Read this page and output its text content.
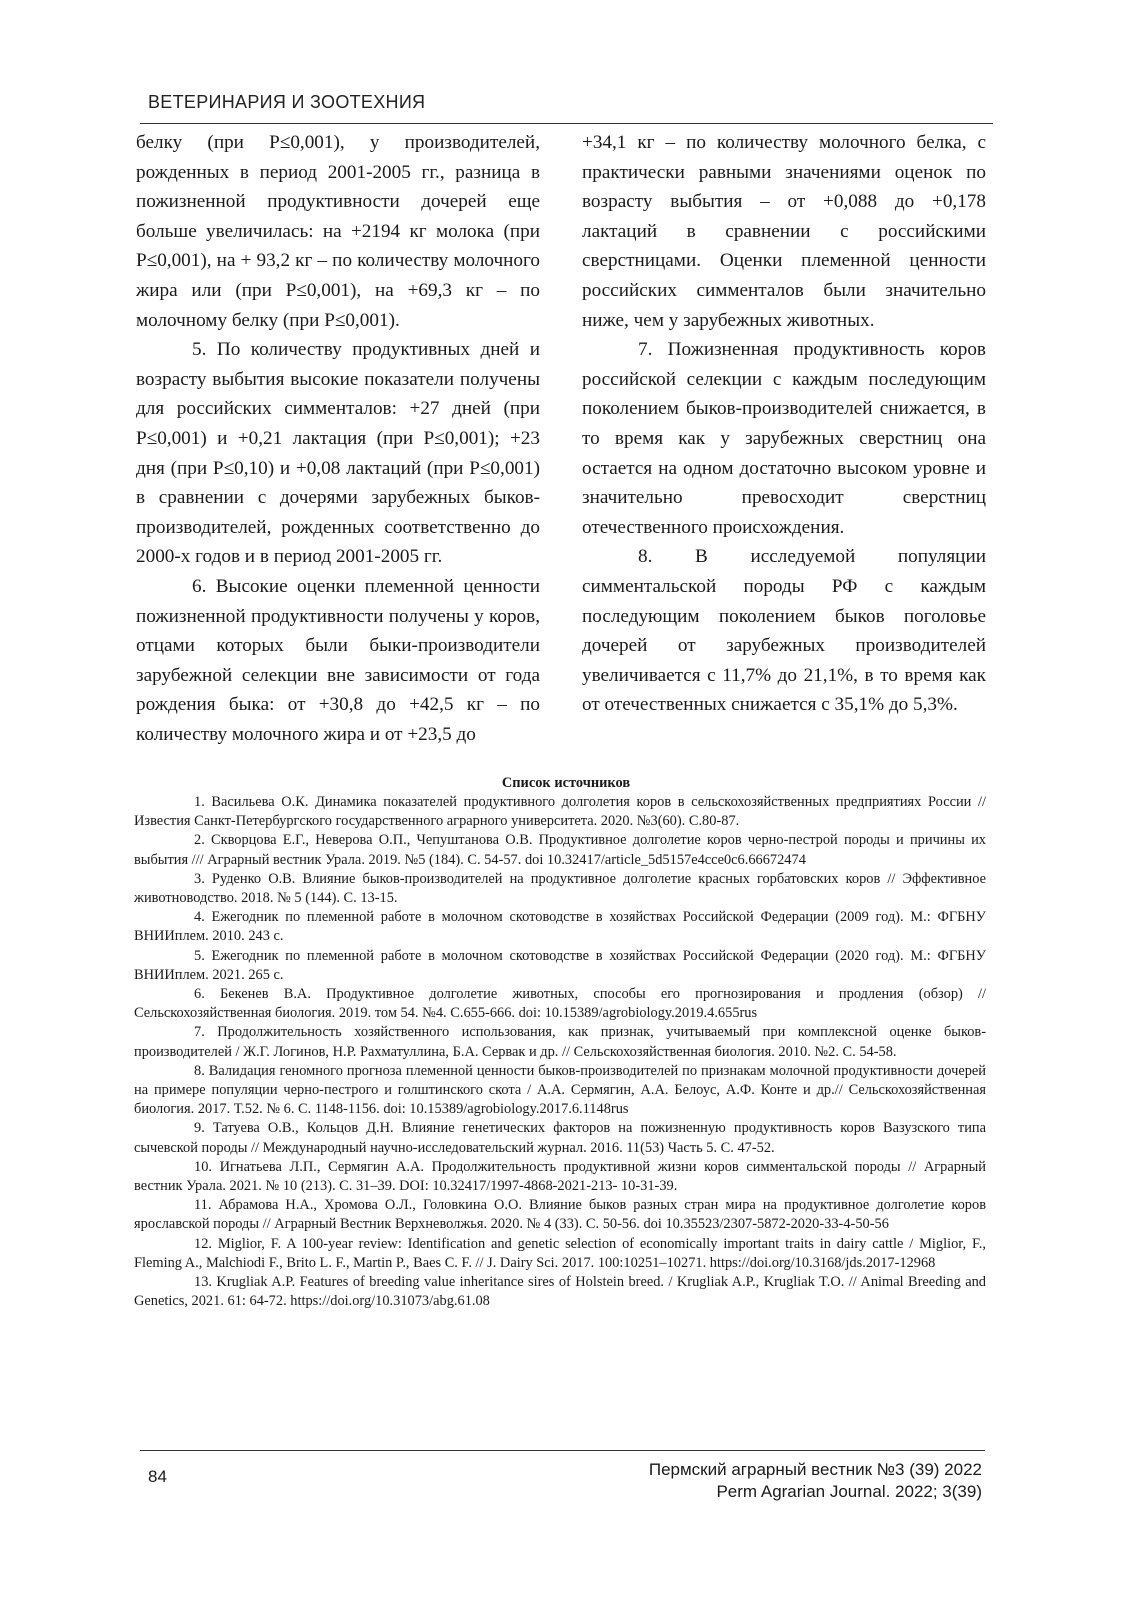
ВЕТЕРИНАРИЯ И ЗООТЕХНИЯ

белку (при Р≤0,001), у производителей, рожденных в период 2001-2005 гг., разница в пожизненной продуктивности дочерей еще больше увеличилась: на +2194 кг молока (при Р≤0,001), на + 93,2 кг – по количеству молочного жира или (при Р≤0,001), на +69,3 кг – по молочному белку (при Р≤0,001).

5. По количеству продуктивных дней и возрасту выбытия высокие показатели получены для российских симменталов: +27 дней (при Р≤0,001) и +0,21 лактация (при Р≤0,001); +23 дня (при Р≤0,10) и +0,08 лактаций (при Р≤0,001) в сравнении с дочерями зарубежных быков-производителей, рожденных соответственно до 2000-х годов и в период 2001-2005 гг.

6. Высокие оценки племенной ценности пожизненной продуктивности получены у коров, отцами которых были быки-производители зарубежной селекции вне зависимости от года рождения быка: от +30,8 до +42,5 кг – по количеству молочного жира и от +23,5 до

+34,1 кг – по количеству молочного белка, с практически равными значениями оценок по возрасту выбытия – от +0,088 до +0,178 лактаций в сравнении с российскими сверстницами. Оценки племенной ценности российских симменталов были значительно ниже, чем у зарубежных животных.

7. Пожизненная продуктивность коров российской селекции с каждым последующим поколением быков-производителей снижается, в то время как у зарубежных сверстниц она остается на одном достаточно высоком уровне и значительно превосходит сверстниц отечественного происхождения.

8. В исследуемой популяции симментальской породы РФ с каждым последующим поколением быков поголовье дочерей от зарубежных производителей увеличивается с 11,7% до 21,1%, в то время как от отечественных снижается с 35,1% до 5,3%.

Список источников

1. Васильева О.К. Динамика показателей продуктивного долголетия коров в сельскохозяйственных предприятиях России // Известия Санкт-Петербургского государственного аграрного университета. 2020. №3(60). С.80-87.

2. Скворцова Е.Г., Неверова О.П., Чепуштанова О.В. Продуктивное долголетие коров черно-пестрой породы и причины их выбытия /// Аграрный вестник Урала. 2019. №5 (184). С. 54-57. doi 10.32417/article_5d5157e4cce0c6.66672474

3. Руденко О.В. Влияние быков-производителей на продуктивное долголетие красных горбатовских коров // Эффективное животноводство. 2018. № 5 (144). С. 13-15.

4. Ежегодник по племенной работе в молочном скотоводстве в хозяйствах Российской Федерации (2009 год). М.: ФГБНУ ВНИИплем. 2010. 243 с.

5. Ежегодник по племенной работе в молочном скотоводстве в хозяйствах Российской Федерации (2020 год). М.: ФГБНУ ВНИИплем. 2021. 265 с.

6. Бекенев В.А. Продуктивное долголетие животных, способы его прогнозирования и продления (обзор) // Сельскохозяйственная биология. 2019. том 54. №4. С.655-666. doi: 10.15389/agrobiology.2019.4.655rus

7. Продолжительность хозяйственного использования, как признак, учитываемый при комплексной оценке быков-производителей / Ж.Г. Логинов, Н.Р. Рахматуллина, Б.А. Сервак и др. // Сельскохозяйственная биология. 2010. №2. С. 54-58.

8. Валидация геномного прогноза племенной ценности быков-производителей по признакам молочной продуктивности дочерей на примере популяции черно-пестрого и голштинского скота / А.А. Сермягин, А.А. Белоус, А.Ф. Конте и др.// Сельскохозяйственная биология. 2017. Т.52. № 6. С. 1148-1156. doi: 10.15389/agrobiology.2017.6.1148rus

9. Татуева О.В., Кольцов Д.Н. Влияние генетических факторов на пожизненную продуктивность коров Вазузского типа сычевской породы // Международный научно-исследовательский журнал. 2016. 11(53) Часть 5. С. 47-52.

10. Игнатьева Л.П., Сермягин А.А. Продолжительность продуктивной жизни коров симментальской породы // Аграрный вестник Урала. 2021. № 10 (213). С. 31–39. DOI: 10.32417/1997-4868-2021-213- 10-31-39.

11. Абрамова Н.А., Хромова О.Л., Головкина О.О. Влияние быков разных стран мира на продуктивное долголетие коров ярославской породы // Аграрный Вестник Верхневолжья. 2020. № 4 (33). С. 50-56. doi 10.35523/2307-5872-2020-33-4-50-56

12. Miglior, F. A 100-year review: Identification and genetic selection of economically important traits in dairy cattle / Miglior, F., Fleming A., Malchiodi F., Brito L. F., Martin P., Baes C. F. // J. Dairy Sci. 2017. 100:10251–10271. https://doi.org/10.3168/jds.2017-12968

13. Krugliak A.P. Features of breeding value inheritance sires of Holstein breed. / Krugliak A.P., Krugliak T.O. // Animal Breeding and Genetics, 2021. 61: 64-72. https://doi.org/10.31073/abg.61.08

84	Пермский аграрный вестник №3 (39) 2022
Perm Agrarian Journal. 2022; 3(39)
